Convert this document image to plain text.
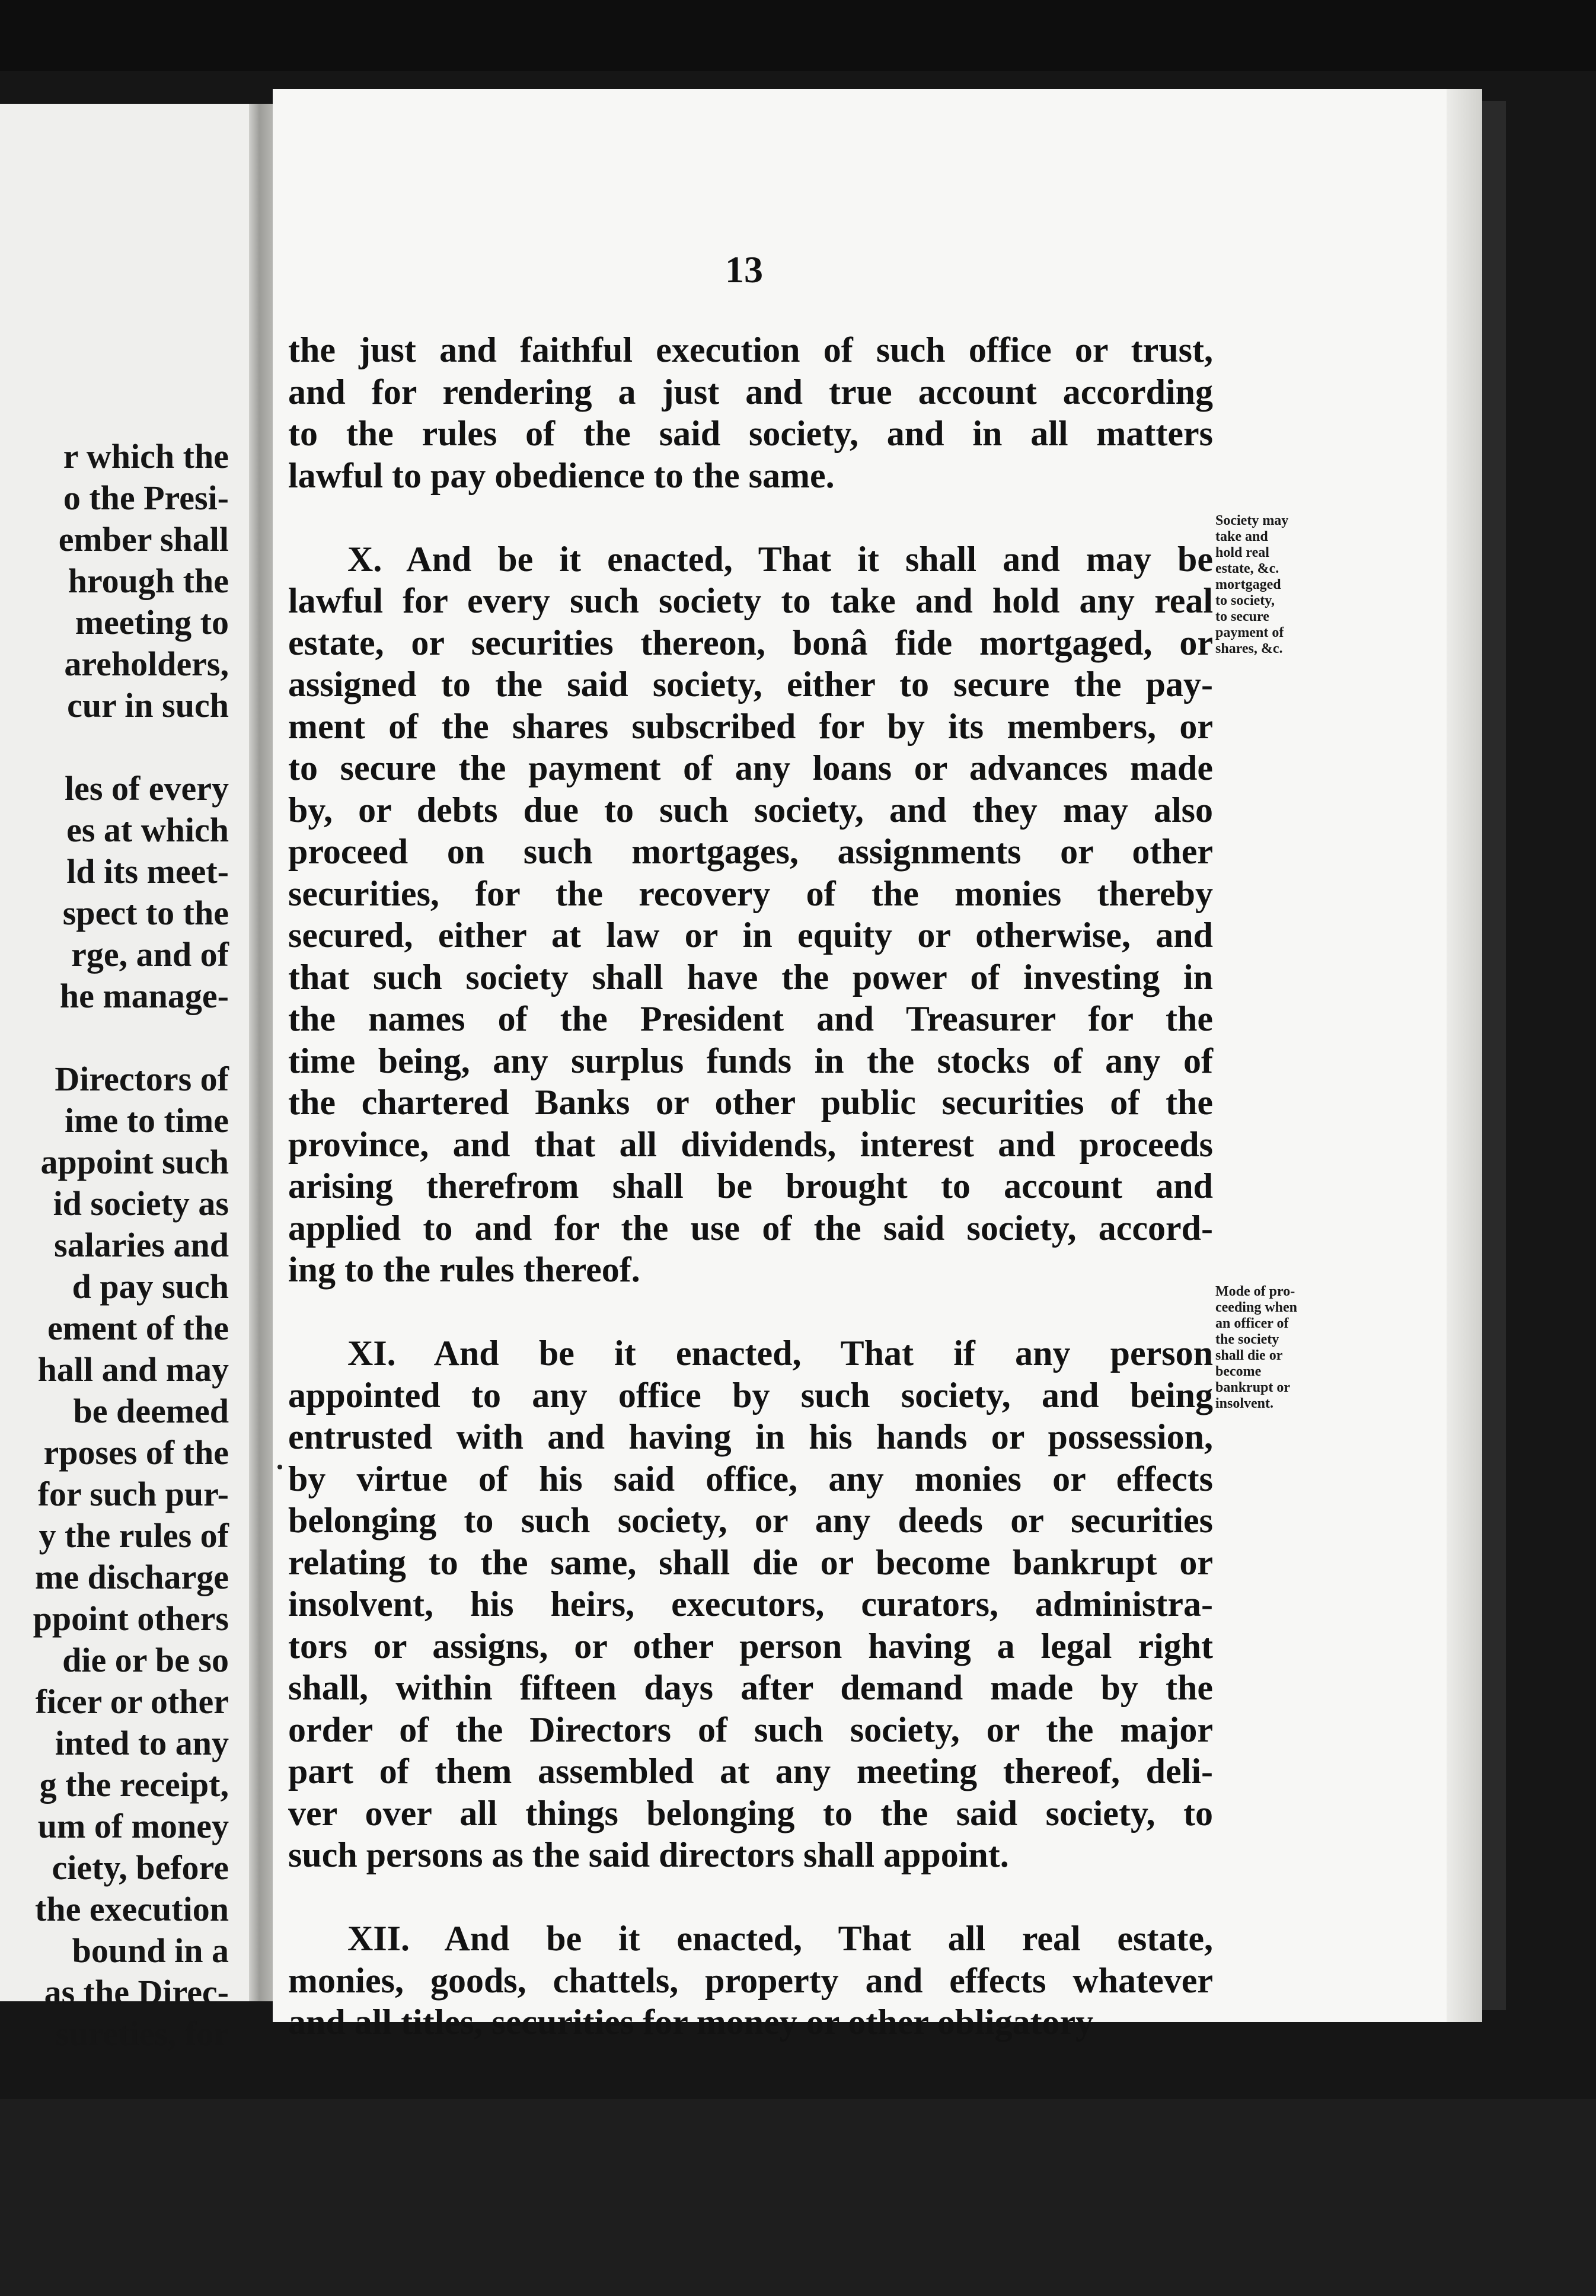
r which the
o the Presi-
ember shall
hrough the
meeting to
areholders,
cur in such
les of every
es at which
ld its meet-
spect to the
rge, and of
he manage-
Directors of
ime to time
appoint such
id society as
salaries and
d pay such
ement of the
hall and may
be deemed
rposes of the
for such pur-
y the rules of
me discharge
ppoint others
die or be so
ficer or other
inted to any
g the receipt,
um of money
ciety, before
the execution
bound in a
as the Direc-
sureties, for
13
the just and faithful execution of such office or trust,
and for rendering a just and true account according
to the rules of the said society, and in all matters
lawful to pay obedience to the same.
X. And be it enacted, That it shall and may be
lawful for every such society to take and hold any real
estate, or securities thereon, bonâ fide mortgaged, or
assigned to the said society, either to secure the pay-
ment of the shares subscribed for by its members, or
to secure the payment of any loans or advances made
by, or debts due to such society, and they may also
proceed on such mortgages, assignments or other
securities, for the recovery of the monies thereby
secured, either at law or in equity or otherwise, and
that such society shall have the power of investing in
the names of the President and Treasurer for the
time being, any surplus funds in the stocks of any of
the chartered Banks or other public securities of the
province, and that all dividends, interest and proceeds
arising therefrom shall be brought to account and
applied to and for the use of the said society, accord-
ing to the rules thereof.
XI. And be it enacted, That if any person
appointed to any office by such society, and being
entrusted with and having in his hands or possession,
by virtue of his said office, any monies or effects
belonging to such society, or any deeds or securities
relating to the same, shall die or become bankrupt or
insolvent, his heirs, executors, curators, administra-
tors or assigns, or other person having a legal right
shall, within fifteen days after demand made by the
order of the Directors of such society, or the major
part of them assembled at any meeting thereof, deli-
ver over all things belonging to the said society, to
such persons as the said directors shall appoint.
XII. And be it enacted, That all real estate,
monies, goods, chattels, property and effects whatever
and all titles, securities for money or other obligatory
Society may
take and
hold real
estate, &c.
mortgaged
to society,
to secure
payment of
shares, &c.
Mode of pro-
ceeding when
an officer of
the society
shall die or
become
bankrupt or
insolvent.
